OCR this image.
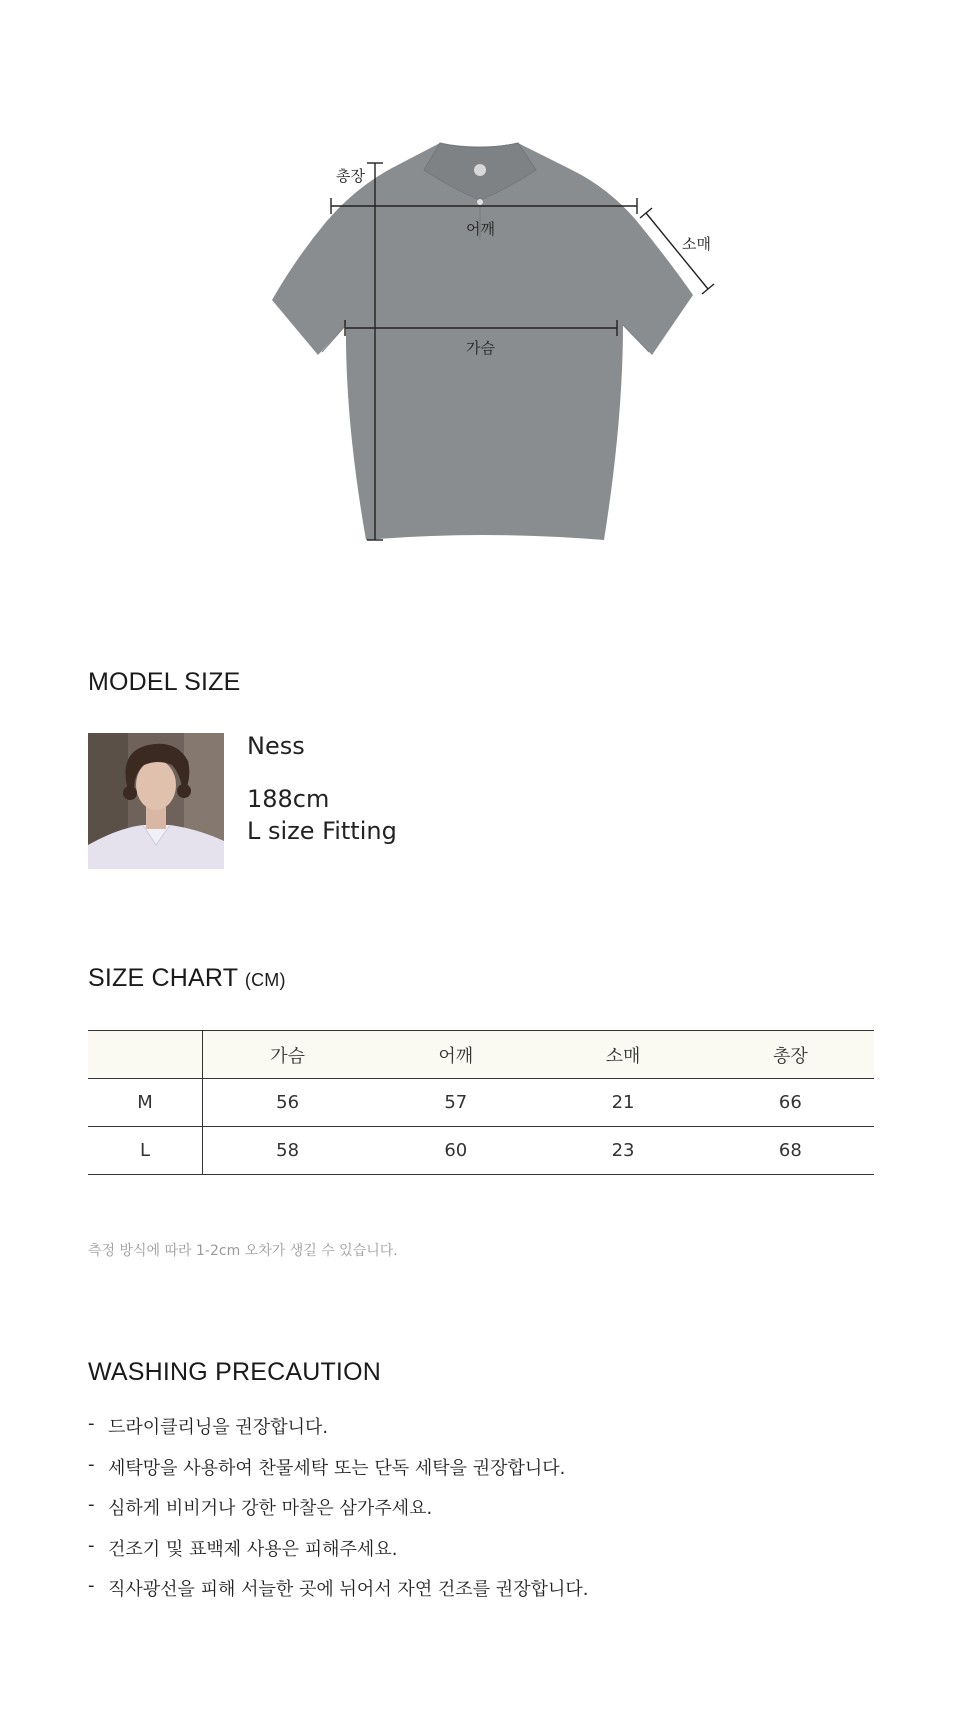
총장
어깨
소매
가슴
MODEL SIZE
Ness
188cm
L size Fitting
SIZE CHART (CM)
	가슴	어깨	소매	총장
M	56	57	21	66
L	58	60	23	68
측정 방식에 따라 1-2cm 오차가 생길 수 있습니다.
WASHING PRECAUTION
- 드라이클리닝을 권장합니다.
- 세탁망을 사용하여 찬물세탁 또는 단독 세탁을 권장합니다.
- 심하게 비비거나 강한 마찰은 삼가주세요.
- 건조기 및 표백제 사용은 피해주세요.
- 직사광선을 피해 서늘한 곳에 뉘어서 자연 건조를 권장합니다.
